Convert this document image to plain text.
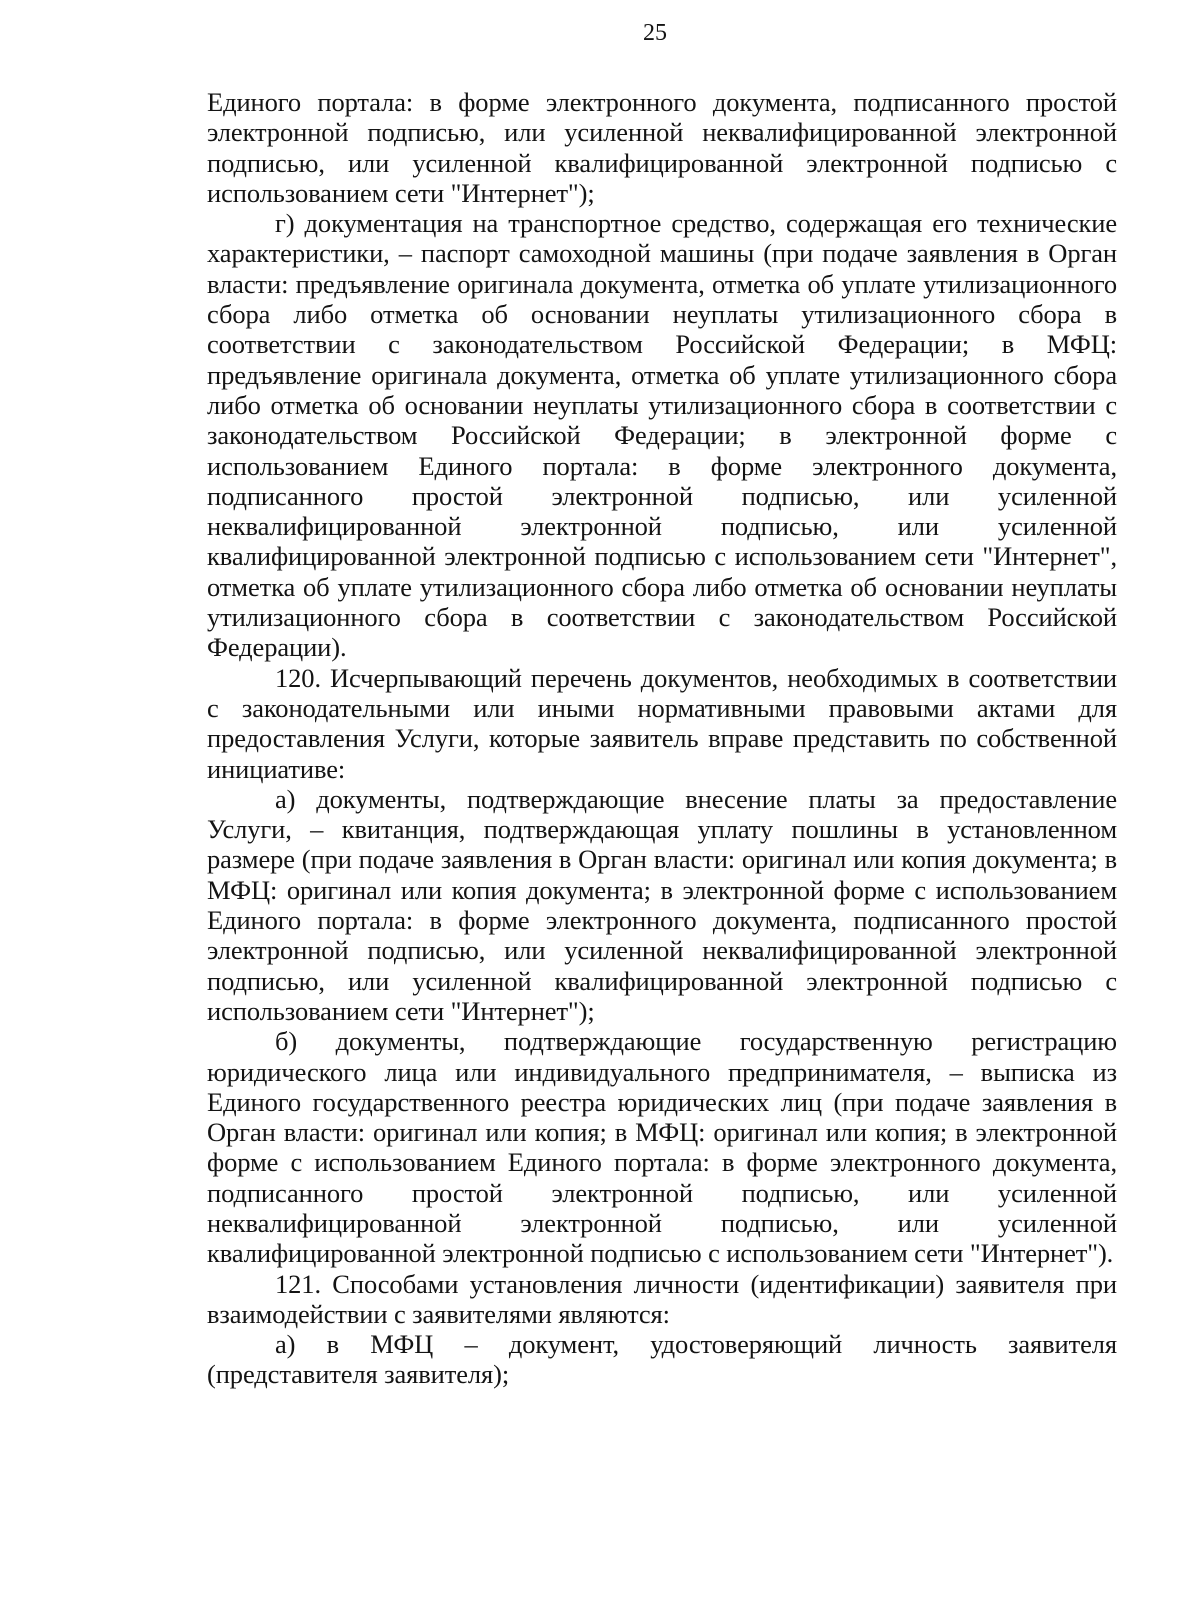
25

Единого портала: в форме электронного документа, подписанного простой электронной подписью, или усиленной неквалифицированной электронной подписью, или усиленной квалифицированной электронной подписью с использованием сети "Интернет");

г) документация на транспортное средство, содержащая его технические характеристики, – паспорт самоходной машины (при подаче заявления в Орган власти: предъявление оригинала документа, отметка об уплате утилизационного сбора либо отметка об основании неуплаты утилизационного сбора в соответствии с законодательством Российской Федерации; в МФЦ: предъявление оригинала документа, отметка об уплате утилизационного сбора либо отметка об основании неуплаты утилизационного сбора в соответствии с законодательством Российской Федерации; в электронной форме с использованием Единого портала: в форме электронного документа, подписанного простой электронной подписью, или усиленной неквалифицированной электронной подписью, или усиленной квалифицированной электронной подписью с использованием сети "Интернет", отметка об уплате утилизационного сбора либо отметка об основании неуплаты утилизационного сбора в соответствии с законодательством Российской Федерации).

120. Исчерпывающий перечень документов, необходимых в соответствии с законодательными или иными нормативными правовыми актами для предоставления Услуги, которые заявитель вправе представить по собственной инициативе:

а) документы, подтверждающие внесение платы за предоставление Услуги, – квитанция, подтверждающая уплату пошлины в установленном размере (при подаче заявления в Орган власти: оригинал или копия документа; в МФЦ: оригинал или копия документа; в электронной форме с использованием Единого портала: в форме электронного документа, подписанного простой электронной подписью, или усиленной неквалифицированной электронной подписью, или усиленной квалифицированной электронной подписью с использованием сети "Интернет");

б) документы, подтверждающие государственную регистрацию юридического лица или индивидуального предпринимателя, – выписка из Единого государственного реестра юридических лиц (при подаче заявления в Орган власти: оригинал или копия; в МФЦ: оригинал или копия; в электронной форме с использованием Единого портала: в форме электронного документа, подписанного простой электронной подписью, или усиленной неквалифицированной электронной подписью, или усиленной квалифицированной электронной подписью с использованием сети "Интернет").

121. Способами установления личности (идентификации) заявителя при взаимодействии с заявителями являются:

а) в МФЦ – документ, удостоверяющий личность заявителя (представителя заявителя);
